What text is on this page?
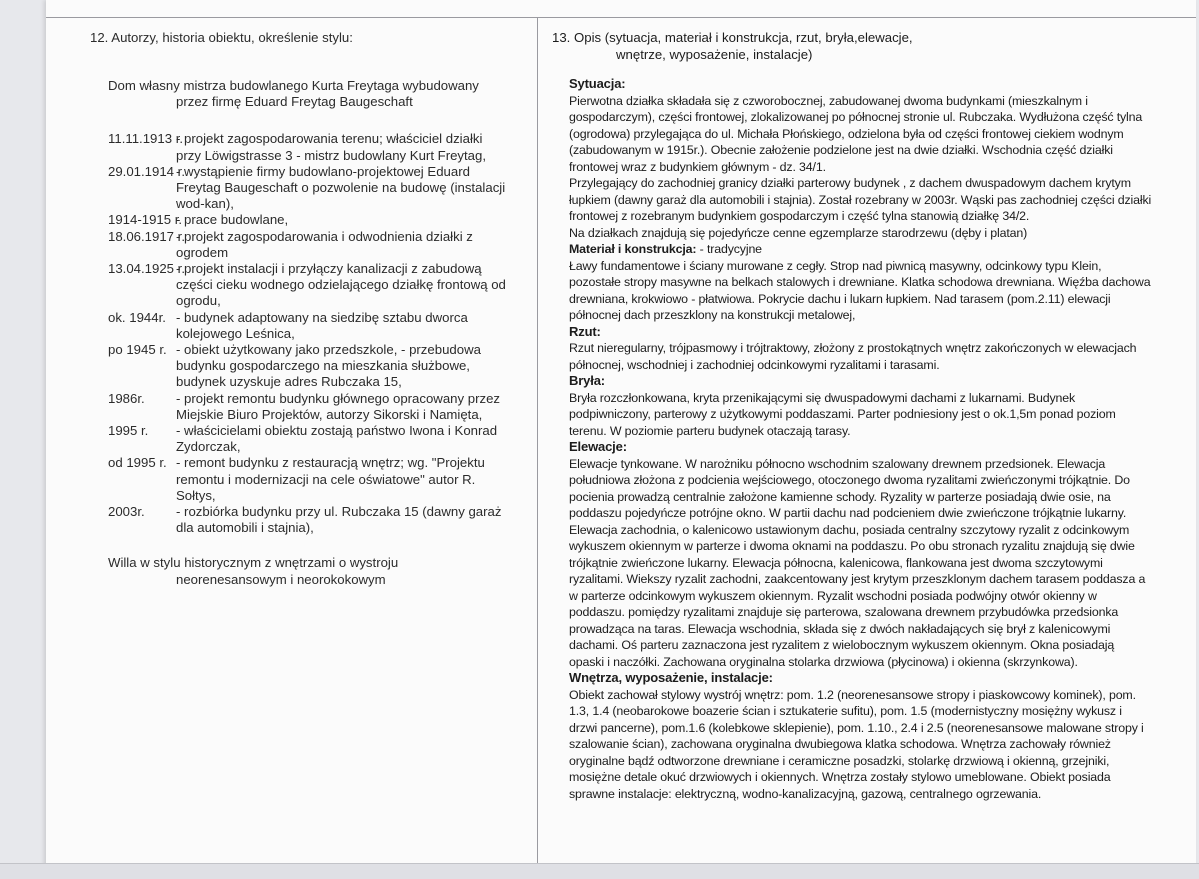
12. Autorzy, historia obiektu, określenie stylu:
Dom własny mistrza budowlanego Kurta Freytaga wybudowany
przez firmę Eduard Freytag Baugeschaft
11.11.1913 r.
- projekt zagospodarowania terenu; właściciel działki przy Löwigstrasse 3 - mistrz budowlany Kurt Freytag,
29.01.1914 r.
- wystąpienie firmy budowlano-projektowej Eduard Freytag Baugeschaft o pozwolenie na budowę (instalacji wod-kan),
1914-1915 r.
- prace budowlane,
18.06.1917 r.
- projekt zagospodarowania i odwodnienia działki z ogrodem
13.04.1925 r.
- projekt instalacji i przyłączy kanalizacji z zabudową części cieku wodnego odzielającego działkę frontową od ogrodu,
ok. 1944r. - budynek adaptowany na siedzibę sztabu dworca kolejowego Leśnica,
po 1945 r. - obiekt użytkowany jako przedszkole, - przebudowa budynku gospodarczego na mieszkania służbowe, budynek uzyskuje adres Rubczaka 15,
1986r.	- projekt remontu budynku głównego opracowany przez Miejskie Biuro Projektów, autorzy Sikorski i Namięta,
1995 r.	- właścicielami obiektu zostają państwo Iwona i Konrad Zydorczak,
od 1995 r. - remont budynku z restauracją wnętrz; wg. "Projektu remontu i modernizacji na cele oświatowe" autor R. Sołtys,
2003r.	- rozbiórka budynku przy ul. Rubczaka 15 (dawny garaż dla automobili i stajnia),
Willa w stylu historycznym z wnętrzami o wystroju
neorenesansowym i neorokokowym
13. Opis (sytuacja, materiał i konstrukcja, rzut, bryła,elewacje,
wnętrze, wyposażenie, instalacje)
Sytuacja:
Pierwotna działka składała się z czworobocznej, zabudowanej dwoma budynkami (mieszkalnym i gospodarczym), części frontowej, zlokalizowanej po północnej stronie ul. Rubczaka. Wydłużona część tylna (ogrodowa) przylegająca do ul. Michała Płońskiego, odzielona była od części frontowej ciekiem wodnym (zabudowanym w 1915r.). Obecnie założenie podzielone jest na dwie działki. Wschodnia część działki frontowej wraz z budynkiem głównym - dz. 34/1.
Przylegający do zachodniej granicy działki parterowy budynek , z dachem dwuspadowym dachem krytym łupkiem (dawny garaż dla automobili i stajnia). Został rozebrany w 2003r. Wąski pas zachodniej części działki frontowej z rozebranym budynkiem gospodarczym i część tylna stanowią działkę 34/2.
Na działkach znajdują się pojedyńcze cenne egzemplarze starodrzewu (dęby i platan)
Materiał i konstrukcja: - tradycyjne
Ławy fundamentowe i ściany murowane z cegły. Strop nad piwnicą masywny, odcinkowy typu Klein, pozostałe stropy masywne na belkach stalowych i drewniane. Klatka schodowa drewniana. Więźba dachowa drewniana, krokwiowo - płatwiowa. Pokrycie dachu i lukarn łupkiem. Nad tarasem (pom.2.11) elewacji północnej dach przeszklony na konstrukcji metalowej,
Rzut:
Rzut nieregularny, trójpasmowy i trójtraktowy, złożony z prostokątnych wnętrz zakończonych w elewacjach północnej, wschodniej i zachodniej odcinkowymi ryzalitami i tarasami.
Bryła:
Bryła rozczłonkowana, kryta przenikającymi się dwuspadowymi dachami z lukarnami. Budynek podpiwniczony, parterowy z użytkowymi poddaszami. Parter podniesiony jest o ok.1,5m ponad poziom terenu. W poziomie parteru budynek otaczają tarasy.
Elewacje:
Elewacje tynkowane. W narożniku północno wschodnim szalowany drewnem przedsionek. Elewacja południowa złożona z podcienia wejściowego, otoczonego dwoma ryzalitami zwieńczonymi trójkątnie. Do pocienia prowadzą centralnie założone kamienne schody. Ryzality w parterze posiadają dwie osie, na poddaszu pojedyńcze potrójne okno. W partii dachu nad podcieniem dwie zwieńczone trójkątnie lukarny. Elewacja zachodnia, o kalenicowo ustawionym dachu, posiada centralny szczytowy ryzalit z odcinkowym wykuszem okiennym w parterze i dwoma oknami na poddaszu. Po obu stronach ryzalitu znajdują się dwie trójkątnie zwieńczone lukarny. Elewacja północna, kalenicowa, flankowana jest dwoma szczytowymi ryzalitami. Wiekszy ryzalit zachodni, zaakcentowany jest krytym przeszklonym dachem tarasem poddasza a w parterze odcinkowym wykuszem okiennym. Ryzalit wschodni posiada podwójny otwór okienny w poddaszu. pomiędzy ryzalitami znajduje się parterowa, szalowana drewnem przybudówka przedsionka prowadząca na taras. Elewacja wschodnia, składa się z dwóch nakładających się brył z kalenicowymi dachami. Oś parteru zaznaczona jest ryzalitem z wielobocznym wykuszem okiennym. Okna posiadają opaski i naczółki. Zachowana oryginalna stolarka drzwiowa (płycinowa) i okienna (skrzynkowa).
Wnętrza, wyposażenie, instalacje:
Obiekt zachował stylowy wystrój wnętrz: pom. 1.2 (neorenesansowe stropy i piaskowcowy kominek), pom. 1.3, 1.4 (neobarokowe boazerie ścian i sztukaterie sufitu), pom. 1.5 (modernistyczny mosiężny wykusz i drzwi pancerne), pom.1.6 (kolebkowe sklepienie), pom. 1.10., 2.4 i 2.5 (neorenesansowe malowane stropy i szalowanie ścian), zachowana oryginalna dwubiegowa klatka schodowa. Wnętrza zachowały również oryginalne bądź odtworzone drewniane i ceramiczne posadzki, stolarkę drzwiową i okienną, grzejniki, mosiężne detale okuć drzwiowych i okiennych. Wnętrza zostały stylowo umeblowane. Obiekt posiada sprawne instalacje: elektryczną, wodno-kanalizacyjną, gazową, centralnego ogrzewania.
